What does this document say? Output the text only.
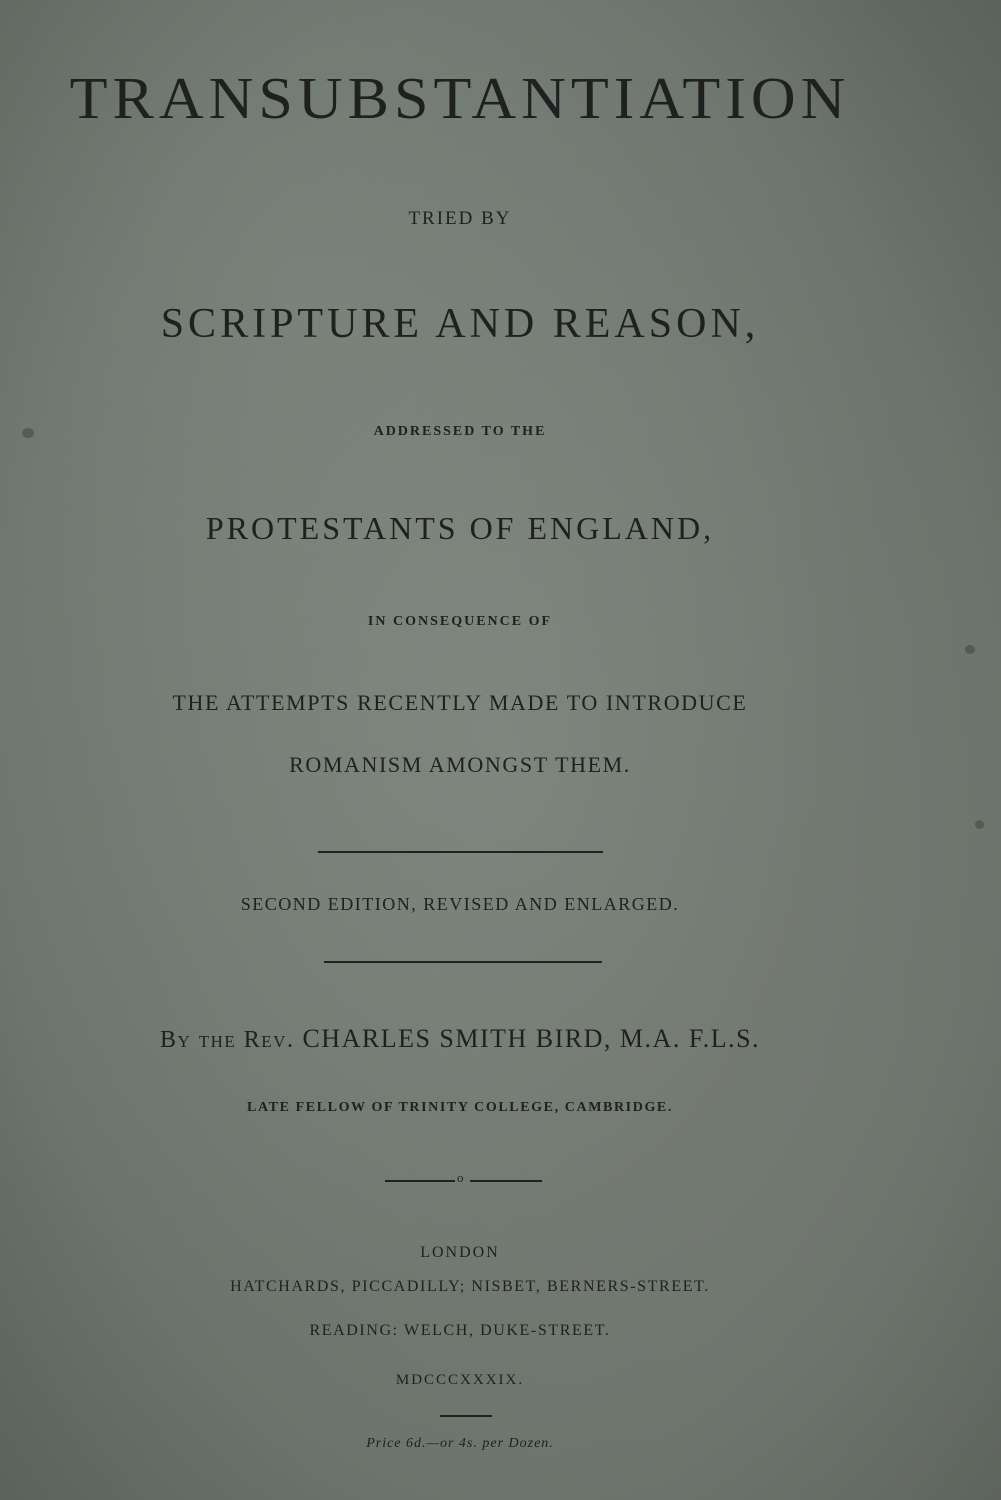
TRANSUBSTANTIATION
TRIED BY
SCRIPTURE AND REASON,
ADDRESSED TO THE
PROTESTANTS OF ENGLAND,
IN CONSEQUENCE OF
THE ATTEMPTS RECENTLY MADE TO INTRODUCE
ROMANISM AMONGST THEM.
SECOND EDITION, REVISED AND ENLARGED.
By the Rev. CHARLES SMITH BIRD, M.A. F.L.S.
LATE FELLOW OF TRINITY COLLEGE, CAMBRIDGE.
o
LONDON
HATCHARDS, PICCADILLY; NISBET, BERNERS-STREET.
READING: WELCH, DUKE-STREET.
MDCCCXXXIX.
Price 6d.—or 4s. per Dozen.
